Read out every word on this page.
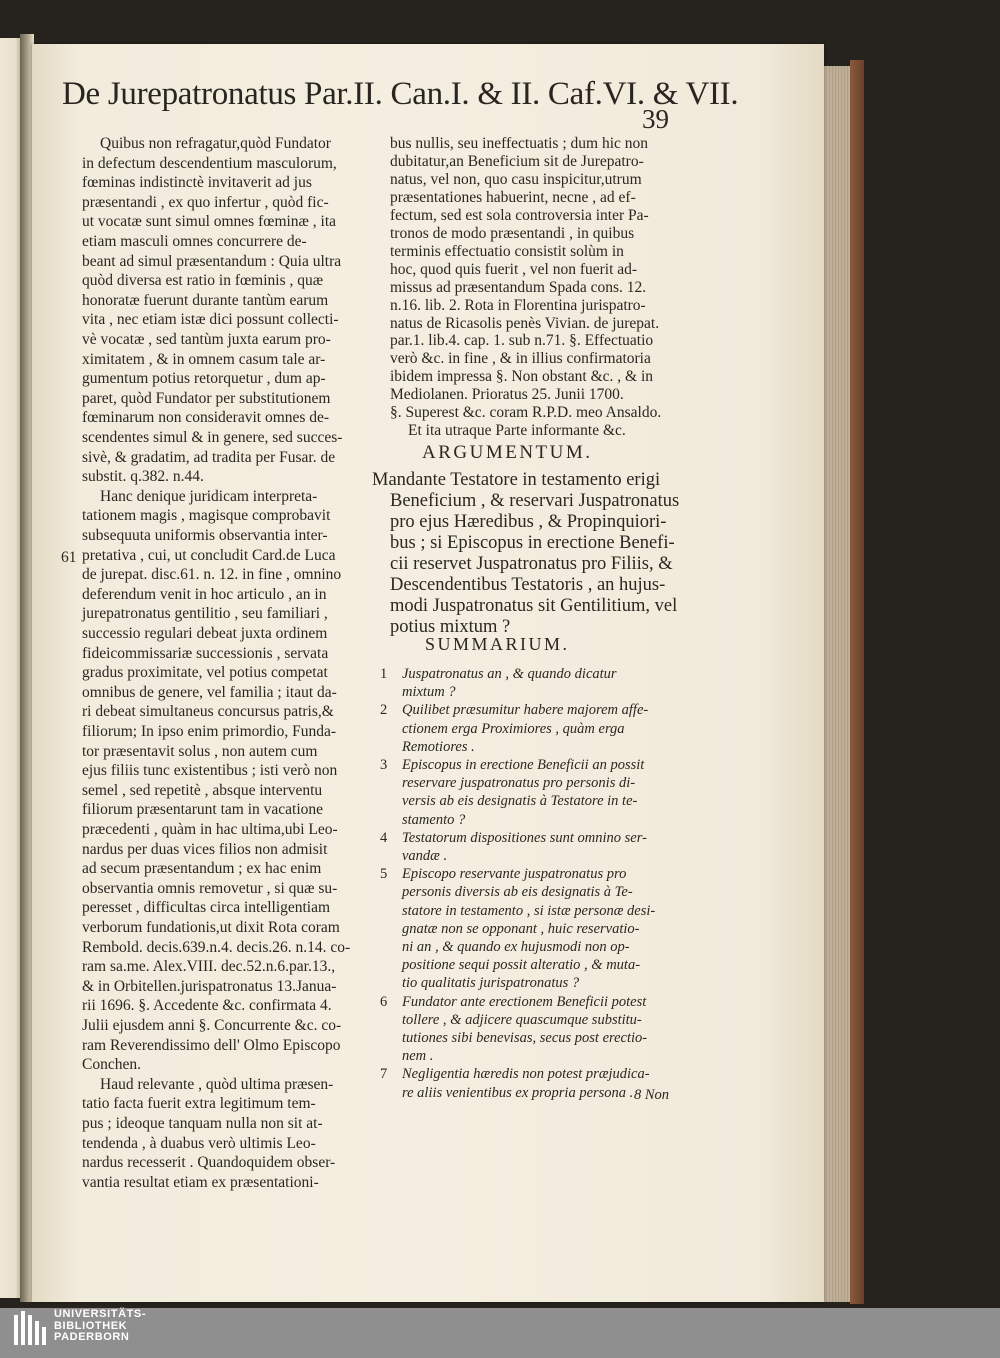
De Jurepatronatus Par.II. Can.I. & II. Caf.VI. & VII.
39
61
Quibus non refragatur,quòd Fundator
in defectum descendentium masculorum,
fœminas indistinctè invitaverit ad jus
præsentandi , ex quo infertur , quòd fic-
ut vocatæ sunt simul omnes fœminæ , ita
etiam masculi omnes concurrere de-
beant ad simul præsentandum : Quia ultra
quòd diversa est ratio in fœminis , quæ
honoratæ fuerunt durante tantùm earum
vita , nec etiam istæ dici possunt collecti-
vè vocatæ , sed tantùm juxta earum pro-
ximitatem , & in omnem casum tale ar-
gumentum potius retorquetur , dum ap-
paret, quòd Fundator per substitutionem
fœminarum non consideravit omnes de-
scendentes simul & in genere, sed succes-
sivè, & gradatim, ad tradita per Fusar. de
substit. q.382. n.44.
Hanc denique juridicam interpreta-
tationem magis , magisque comprobavit
subsequuta uniformis observantia inter-
pretativa , cui, ut concludit Card.de Luca
de jurepat. disc.61. n. 12. in fine , omnino
deferendum venit in hoc articulo , an in
jurepatronatus gentilitio , seu familiari ,
successio regulari debeat juxta ordinem
fideicommissariæ successionis , servata
gradus proximitate, vel potius competat
omnibus de genere, vel familia ; itaut da-
ri debeat simultaneus concursus patris,&
filiorum; In ipso enim primordio, Funda-
tor præsentavit solus , non autem cum
ejus filiis tunc existentibus ; isti verò non
semel , sed repetitè , absque interventu
filiorum præsentarunt tam in vacatione
præcedenti , quàm in hac ultima,ubi Leo-
nardus per duas vices filios non admisit
ad secum præsentandum ; ex hac enim
observantia omnis removetur , si quæ su-
peresset , difficultas circa intelligentiam
verborum fundationis,ut dixit Rota coram
Rembold. decis.639.n.4. decis.26. n.14. co-
ram sa.me. Alex.VIII. dec.52.n.6.par.13.,
& in Orbitellen.jurispatronatus 13.Janua-
rii 1696. §. Accedente &c. confirmata 4.
Julii ejusdem anni §. Concurrente &c. co-
ram Reverendissimo dell' Olmo Episcopo
Conchen.
Haud relevante , quòd ultima præsen-
tatio facta fuerit extra legitimum tem-
pus ; ideoque tanquam nulla non sit at-
tendenda , à duabus verò ultimis Leo-
nardus recesserit . Quandoquidem obser-
vantia resultat etiam ex præsentationi-
bus nullis, seu ineffectuatis ; dum hic non
dubitatur,an Beneficium sit de Jurepatro-
natus, vel non, quo casu inspicitur,utrum
præsentationes habuerint, necne , ad ef-
fectum, sed est sola controversia inter Pa-
tronos de modo præsentandi , in quibus
terminis effectuatio consistit solùm in
hoc, quod quis fuerit , vel non fuerit ad-
missus ad præsentandum Spada cons. 12.
n.16. lib. 2. Rota in Florentina jurispatro-
natus de Ricasolis penès Vivian. de jurepat.
par.1. lib.4. cap. 1. sub n.71. §. Effectuatio
verò &c. in fine , & in illius confirmatoria
ibidem impressa §. Non obstant &c. , & in
Mediolanen. Prioratus 25. Junii 1700.
§. Superest &c. coram R.P.D. meo Ansaldo.
Et ita utraque Parte informante &c.
ARGUMENTUM.
Mandante Testatore in testamento erigi
Beneficium , & reservari Juspatronatus
pro ejus Hæredibus , & Propinquiori-
bus ; si Episcopus in erectione Benefi-
cii reservet Juspatronatus pro Filiis, &
Descendentibus Testatoris , an hujus-
modi Juspatronatus sit Gentilitium, vel
potius mixtum ?
SUMMARIUM.
1 Juspatronatus an , & quando dicatur
mixtum ?
2 Quilibet præsumitur habere majorem affe-
ctionem erga Proximiores , quàm erga
Remotiores .
3 Episcopus in erectione Beneficii an possit
reservare juspatronatus pro personis di-
versis ab eis designatis à Testatore in te-
stamento ?
4 Testatorum dispositiones sunt omnino ser-
vandæ .
5 Episcopo reservante juspatronatus pro
personis diversis ab eis designatis à Te-
statore in testamento , si istæ personæ desi-
gnatæ non se opponant , huic reservatio-
ni an , & quando ex hujusmodi non op-
positione sequi possit alteratio , & muta-
tio qualitatis jurispatronatus ?
6 Fundator ante erectionem Beneficii potest
tollere , & adjicere quascumque substitu-
tutiones sibi benevisas, secus post erectio-
nem .
7 Negligentia hæredis non potest præjudica-
re aliis venientibus ex propria persona . 8 Non
UNIVERSITÄTS-
BIBLIOTHEK
PADERBORN
